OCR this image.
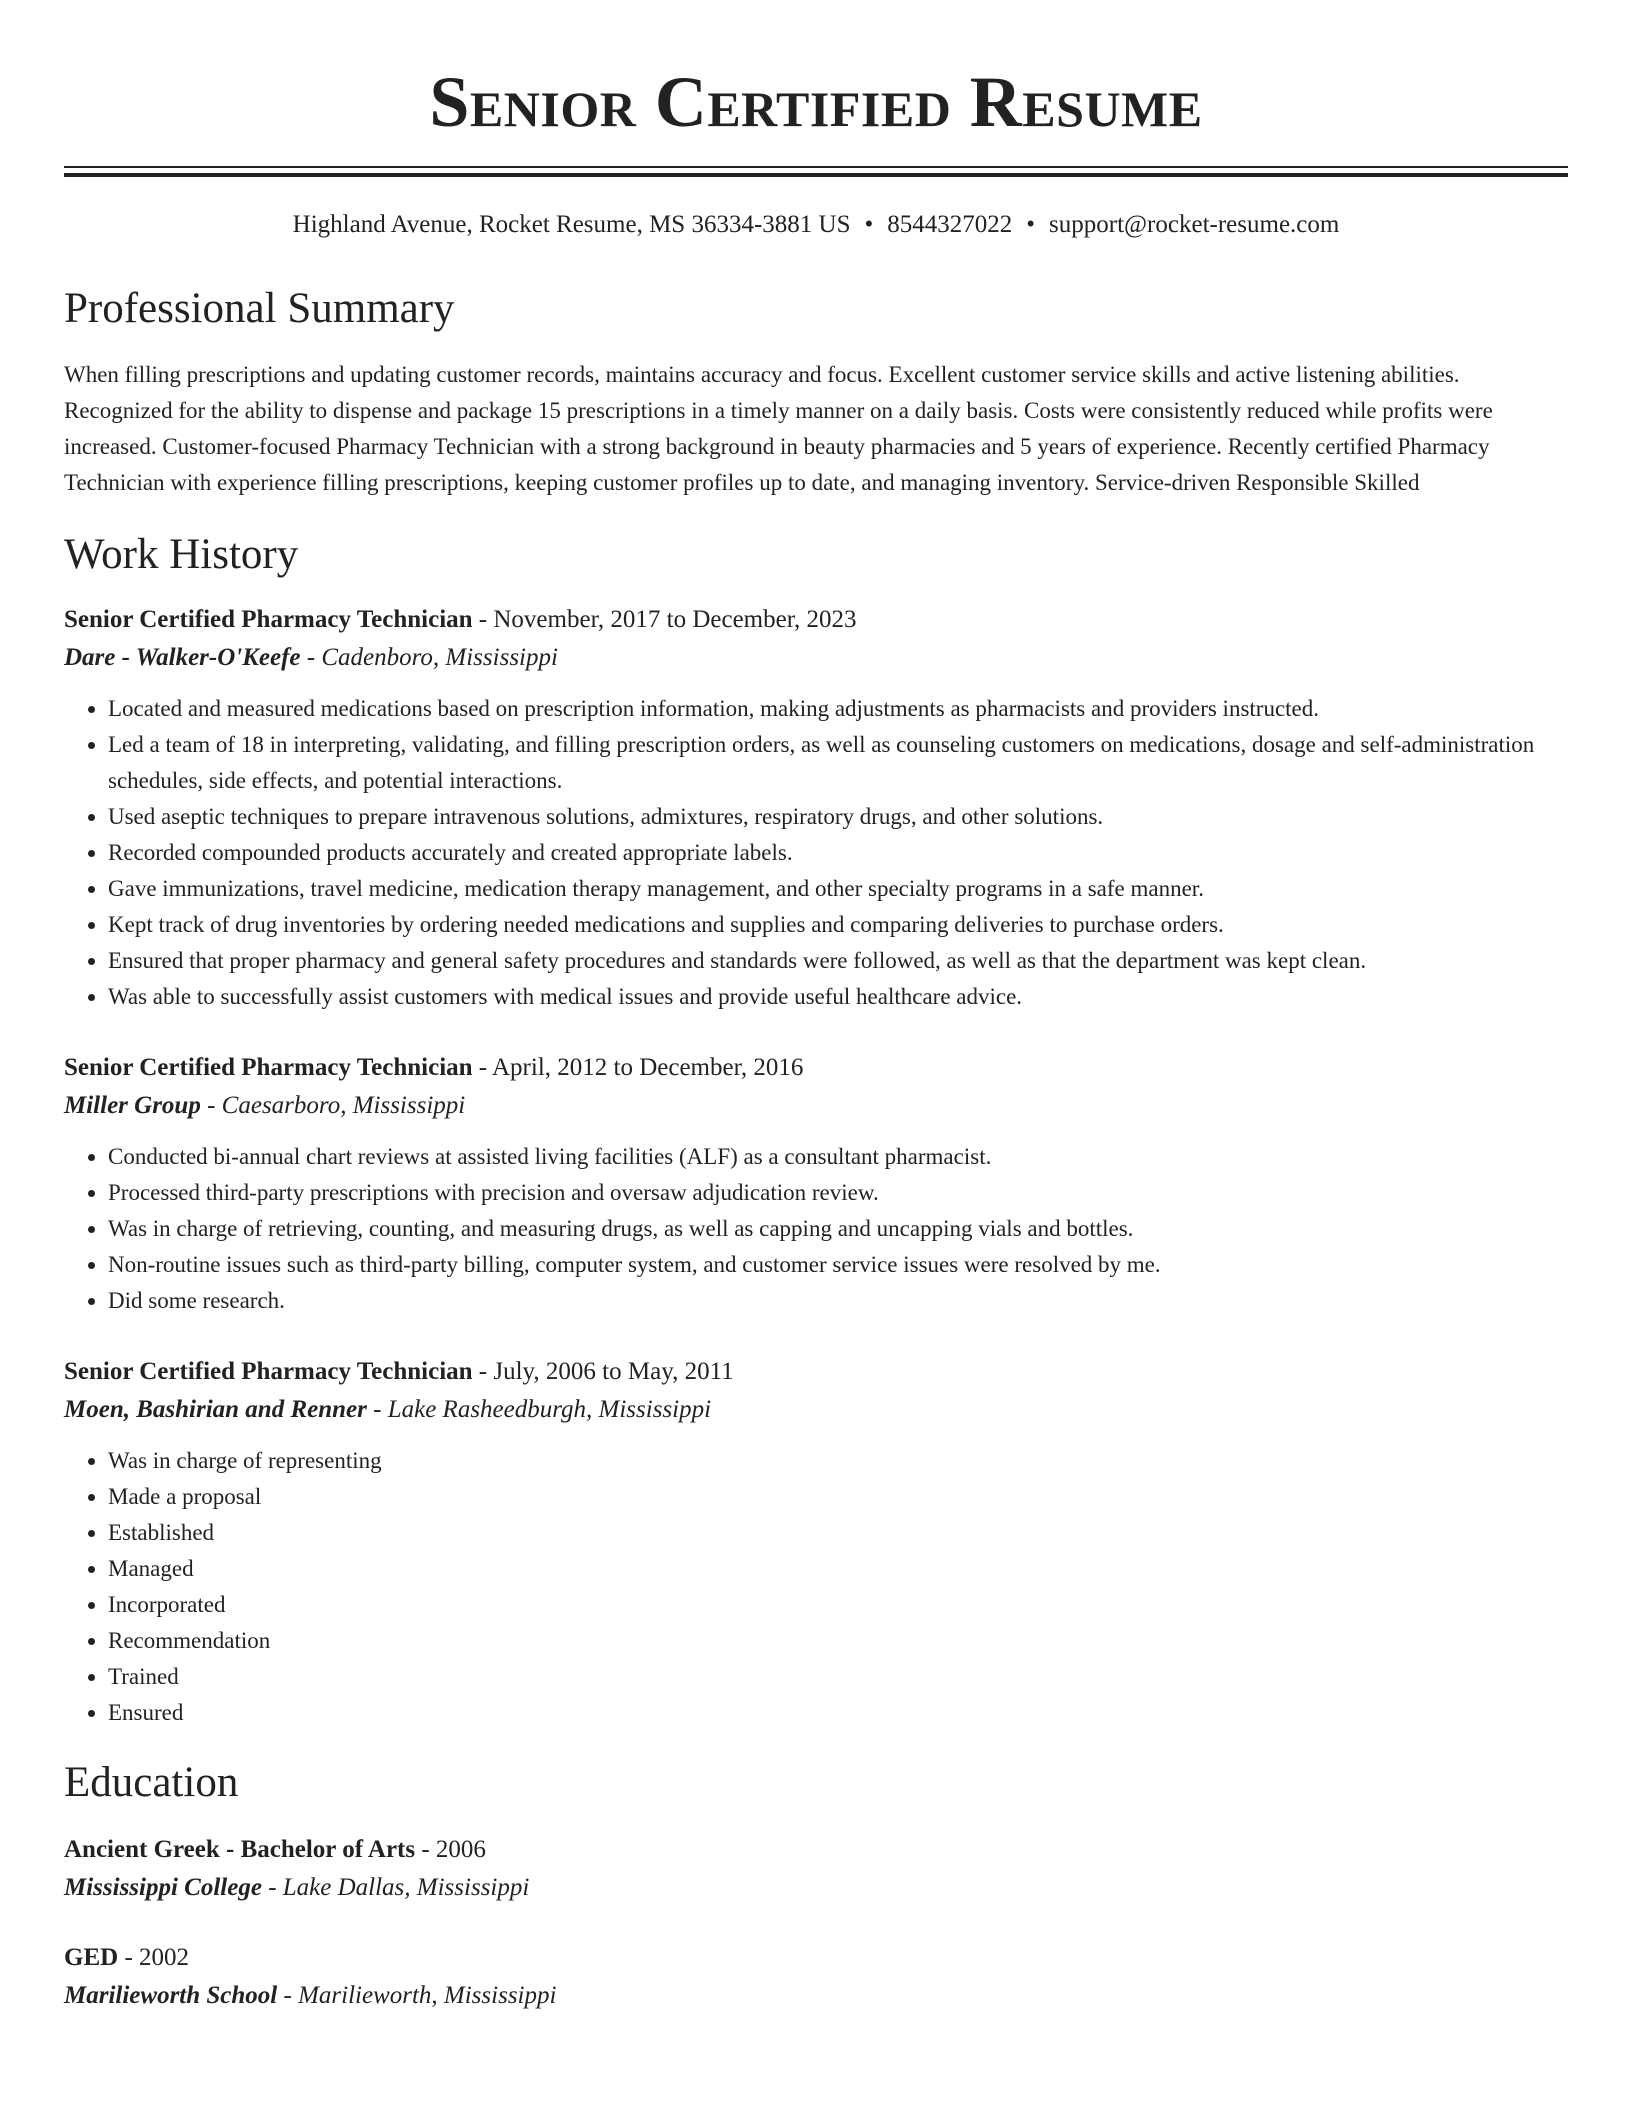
Senior Certified Resume
Highland Avenue, Rocket Resume, MS 36334-3881 US • 8544327022 • support@rocket-resume.com
Professional Summary

When filling prescriptions and updating customer records, maintains accuracy and focus. Excellent customer service skills and active listening abilities. Recognized for the ability to dispense and package 15 prescriptions in a timely manner on a daily basis. Costs were consistently reduced while profits were increased. Customer-focused Pharmacy Technician with a strong background in beauty pharmacies and 5 years of experience. Recently certified Pharmacy Technician with experience filling prescriptions, keeping customer profiles up to date, and managing inventory. Service-driven Responsible Skilled

Work History
Senior Certified Pharmacy Technician - November, 2017 to December, 2023
Dare - Walker-O'Keefe - Cadenboro, Mississippi
• Located and measured medications based on prescription information, making adjustments as pharmacists and providers instructed.
• Led a team of 18 in interpreting, validating, and filling prescription orders, as well as counseling customers on medications, dosage and self-administration schedules, side effects, and potential interactions.
• Used aseptic techniques to prepare intravenous solutions, admixtures, respiratory drugs, and other solutions.
• Recorded compounded products accurately and created appropriate labels.
• Gave immunizations, travel medicine, medication therapy management, and other specialty programs in a safe manner.
• Kept track of drug inventories by ordering needed medications and supplies and comparing deliveries to purchase orders.
• Ensured that proper pharmacy and general safety procedures and standards were followed, as well as that the department was kept clean.
• Was able to successfully assist customers with medical issues and provide useful healthcare advice.
Senior Certified Pharmacy Technician - April, 2012 to December, 2016
Miller Group - Caesarboro, Mississippi
• Conducted bi-annual chart reviews at assisted living facilities (ALF) as a consultant pharmacist.
• Processed third-party prescriptions with precision and oversaw adjudication review.
• Was in charge of retrieving, counting, and measuring drugs, as well as capping and uncapping vials and bottles.
• Non-routine issues such as third-party billing, computer system, and customer service issues were resolved by me.
• Did some research.
Senior Certified Pharmacy Technician - July, 2006 to May, 2011
Moen, Bashirian and Renner - Lake Rasheedburgh, Mississippi
• Was in charge of representing
• Made a proposal
• Established
• Managed
• Incorporated
• Recommendation
• Trained
• Ensured
Education
Ancient Greek - Bachelor of Arts - 2006
Mississippi College - Lake Dallas, Mississippi
GED - 2002
Marilieworth School - Marilieworth, Mississippi
